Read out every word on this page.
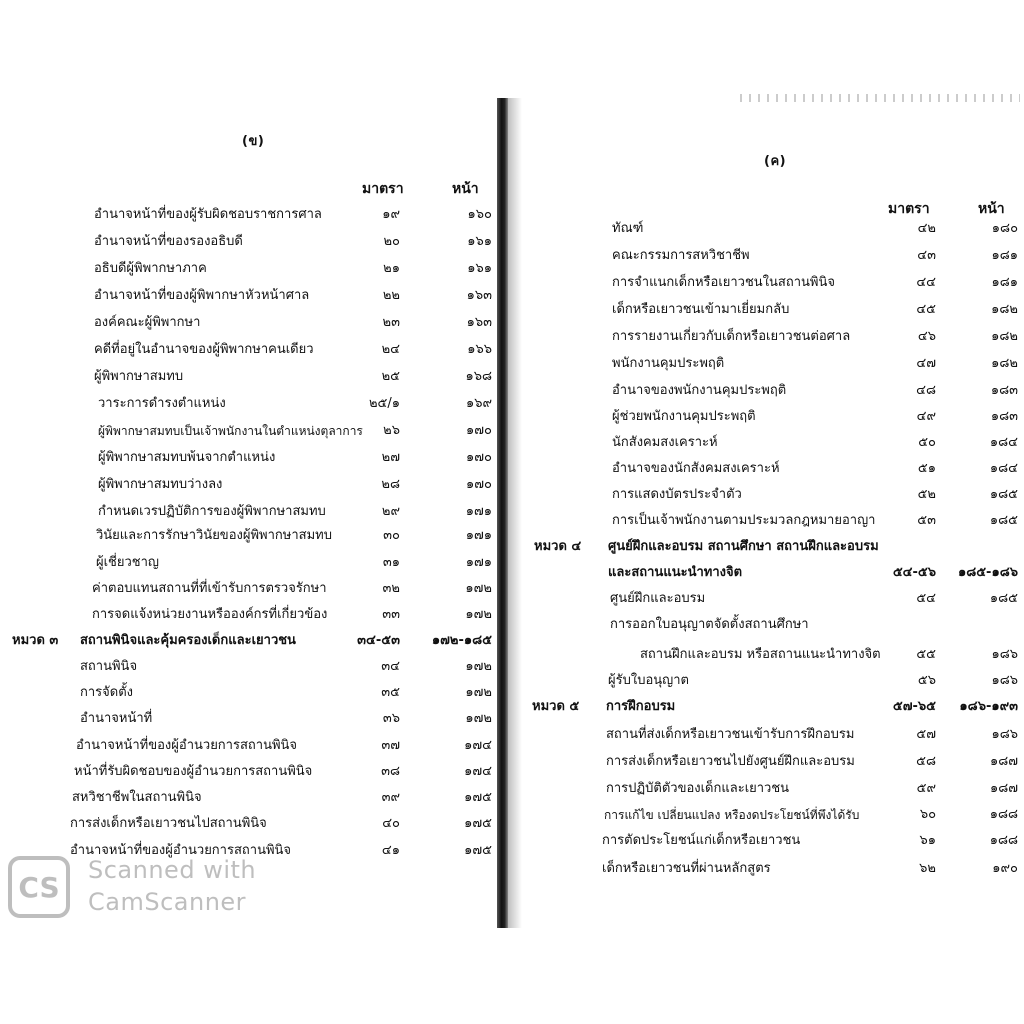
(ข)
มาตรา	หน้า
อำนาจหน้าที่ของผู้รับผิดชอบราชการศาล	๑๙	๑๖๐
อำนาจหน้าที่ของรองอธิบดี	๒๐	๑๖๑
อธิบดีผู้พิพากษาภาค	๒๑	๑๖๑
อำนาจหน้าที่ของผู้พิพากษาหัวหน้าศาล	๒๒	๑๖๓
องค์คณะผู้พิพากษา	๒๓	๑๖๓
คดีที่อยู่ในอำนาจของผู้พิพากษาคนเดียว	๒๔	๑๖๖
ผู้พิพากษาสมทบ	๒๕	๑๖๘
วาระการดำรงตำแหน่ง	๒๕/๑	๑๖๙
ผู้พิพากษาสมทบเป็นเจ้าพนักงานในตำแหน่งตุลาการ	๒๖	๑๗๐
ผู้พิพากษาสมทบพ้นจากตำแหน่ง	๒๗	๑๗๐
ผู้พิพากษาสมทบว่างลง	๒๘	๑๗๐
กำหนดเวรปฏิบัติการของผู้พิพากษาสมทบ	๒๙	๑๗๑
วินัยและการรักษาวินัยของผู้พิพากษาสมทบ	๓๐	๑๗๑
ผู้เชี่ยวชาญ	๓๑	๑๗๑
ค่าตอบแทนสถานที่ที่เข้ารับการตรวจรักษา	๓๒	๑๗๒
การจดแจ้งหน่วยงานหรือองค์กรที่เกี่ยวข้อง	๓๓	๑๗๒
หมวด ๓ สถานพินิจและคุ้มครองเด็กและเยาวชน	๓๔-๕๓	๑๗๒-๑๘๕
สถานพินิจ	๓๔	๑๗๒
การจัดตั้ง	๓๕	๑๗๒
อำนาจหน้าที่	๓๖	๑๗๒
อำนาจหน้าที่ของผู้อำนวยการสถานพินิจ	๓๗	๑๗๔
หน้าที่รับผิดชอบของผู้อำนวยการสถานพินิจ	๓๘	๑๗๔
สหวิชาชีพในสถานพินิจ	๓๙	๑๗๕
การส่งเด็กหรือเยาวชนไปสถานพินิจ	๔๐	๑๗๕
อำนาจหน้าที่ของผู้อำนวยการสถานพินิจ	๔๑	๑๗๕
(ค)
มาตรา	หน้า
ทัณฑ์	๔๒	๑๘๐
คณะกรรมการสหวิชาชีพ	๔๓	๑๘๑
การจำแนกเด็กหรือเยาวชนในสถานพินิจ	๔๔	๑๘๑
เด็กหรือเยาวชนเข้ามาเยี่ยมกลับ	๔๕	๑๘๒
การรายงานเกี่ยวกับเด็กหรือเยาวชนต่อศาล	๔๖	๑๘๒
พนักงานคุมประพฤติ	๔๗	๑๘๒
อำนาจของพนักงานคุมประพฤติ	๔๘	๑๘๓
ผู้ช่วยพนักงานคุมประพฤติ	๔๙	๑๘๓
นักสังคมสงเคราะห์	๕๐	๑๘๔
อำนาจของนักสังคมสงเคราะห์	๕๑	๑๘๔
การแสดงบัตรประจำตัว	๕๒	๑๘๕
การเป็นเจ้าพนักงานตามประมวลกฎหมายอาญา	๕๓	๑๘๕
หมวด ๔ ศูนย์ฝึกและอบรม สถานศึกษา สถานฝึกและอบรม
และสถานแนะนำทางจิต	๕๔-๕๖	๑๘๕-๑๘๖
ศูนย์ฝึกและอบรม	๕๔	๑๘๕
การออกใบอนุญาตจัดตั้งสถานศึกษา
สถานฝึกและอบรม หรือสถานแนะนำทางจิต	๕๕	๑๘๖
ผู้รับใบอนุญาต	๕๖	๑๘๖
หมวด ๕ การฝึกอบรม	๕๗-๖๕	๑๘๖-๑๙๓
สถานที่ส่งเด็กหรือเยาวชนเข้ารับการฝึกอบรม	๕๗	๑๘๖
การส่งเด็กหรือเยาวชนไปยังศูนย์ฝึกและอบรม	๕๘	๑๘๗
การปฏิบัติตัวของเด็กและเยาวชน	๕๙	๑๘๗
การแก้ไข เปลี่ยนแปลง หรืองดประโยชน์ที่พึงได้รับ	๖๐	๑๘๘
การตัดประโยชน์แก่เด็กหรือเยาวชน	๖๑	๑๘๘
เด็กหรือเยาวชนที่ผ่านหลักสูตร	๖๒	๑๙๐
CS
Scanned with
CamScanner
